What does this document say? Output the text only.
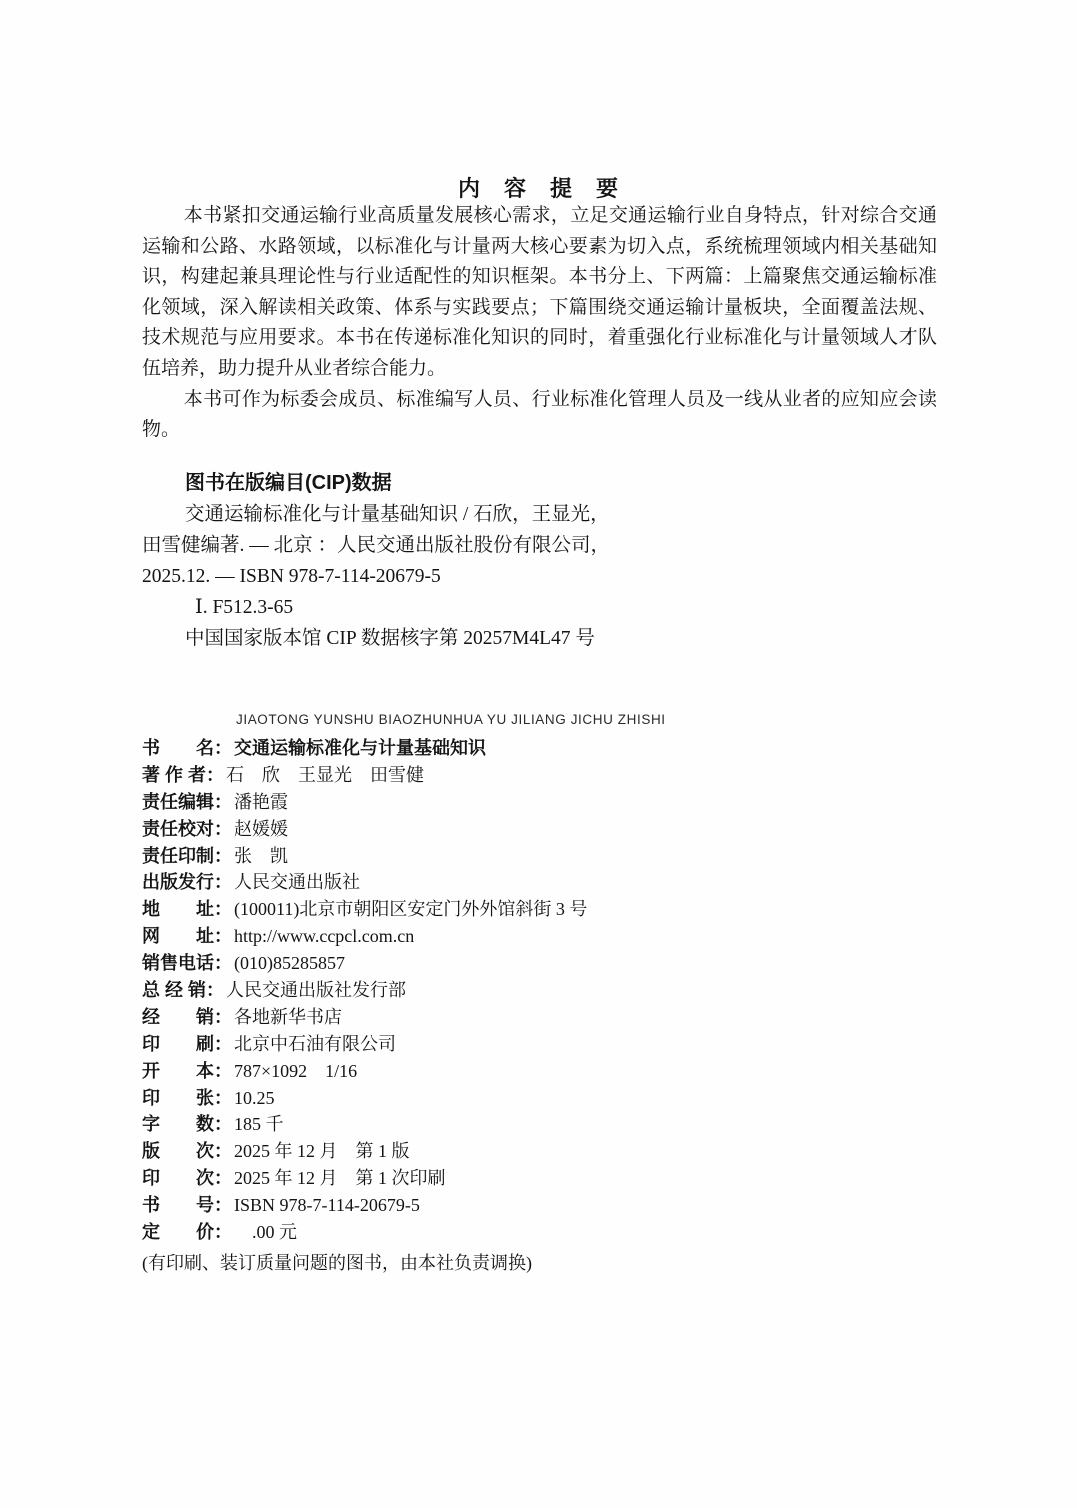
内　容　提　要

本书紧扣交通运输行业高质量发展核心需求，立足交通运输行业自身特点，针对综合交通运输和公路、水路领域，以标准化与计量两大核心要素为切入点，系统梳理领域内相关基础知识，构建起兼具理论性与行业适配性的知识框架。本书分上、下两篇：上篇聚焦交通运输标准化领域，深入解读相关政策、体系与实践要点；下篇围绕交通运输计量板块，全面覆盖法规、技术规范与应用要求。本书在传递标准化知识的同时，着重强化行业标准化与计量领域人才队伍培养，助力提升从业者综合能力。

本书可作为标委会成员、标准编写人员、行业标准化管理人员及一线从业者的应知应会读物。

图书在版编目(CIP)数据
交通运输标准化与计量基础知识 / 石欣，王显光，
田雪健编著. — 北京 ：人民交通出版社股份有限公司，
2025.12. — ISBN 978-7-114-20679-5
Ⅰ. F512.3-65
中国国家版本馆 CIP 数据核字第 20257M4L47 号
JIAOTONG YUNSHU BIAOZHUNHUA YU JILIANG JICHU ZHISHI
书　　名： 交通运输标准化与计量基础知识
著 作 者： 石　欣　王显光　田雪健
责任编辑： 潘艳霞
责任校对： 赵媛媛
责任印制： 张　凯
出版发行： 人民交通出版社
地　　址： (100011)北京市朝阳区安定门外外馆斜街 3 号
网　　址： http://www.ccpcl.com.cn
销售电话： (010)85285857
总 经 销： 人民交通出版社发行部
经　　销： 各地新华书店
印　　刷： 北京中石油有限公司
开　　本： 787×1092　1/16
印　　张： 10.25
字　　数： 185 千
版　　次： 2025 年 12 月　第 1 版
印　　次： 2025 年 12 月　第 1 次印刷
书　　号： ISBN 978-7-114-20679-5
定　　价： 　.00 元
(有印刷、装订质量问题的图书，由本社负责调换)
